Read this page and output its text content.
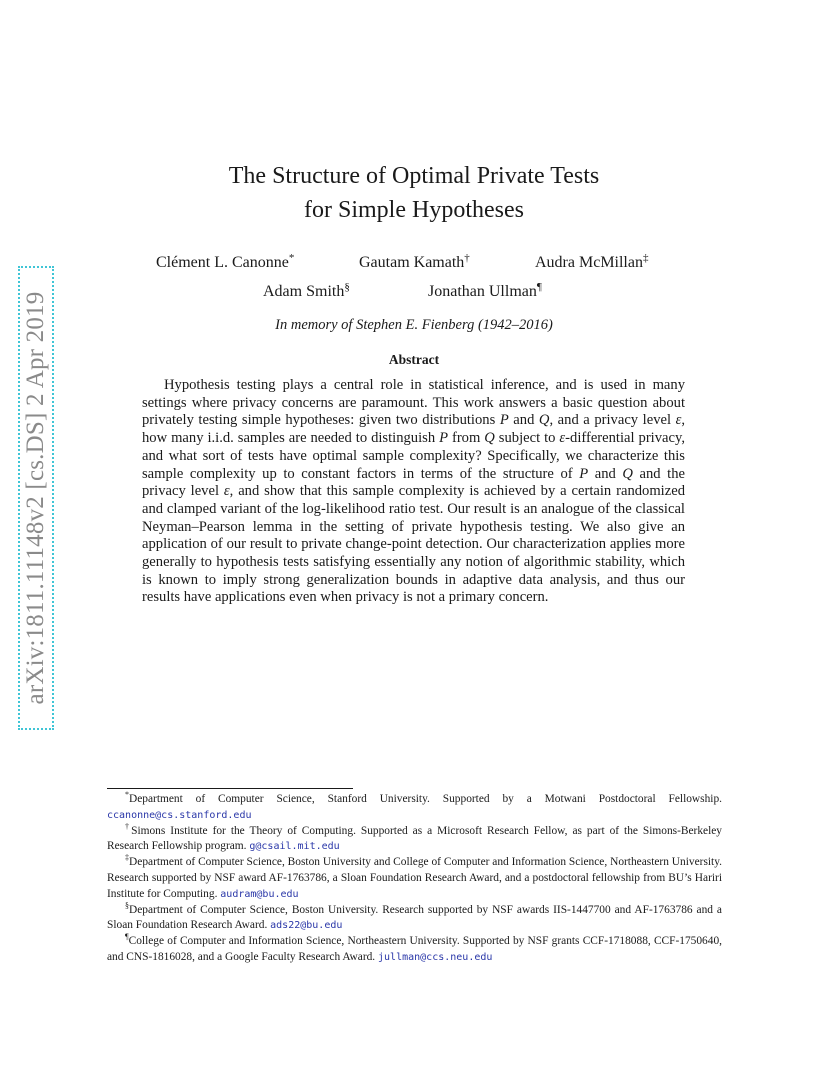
arXiv:1811.11148v2 [cs.DS] 2 Apr 2019
The Structure of Optimal Private Tests
for Simple Hypotheses
Clément L. Canonne*	Gautam Kamath†	Audra McMillan‡
Adam Smith§	Jonathan Ullman¶
In memory of Stephen E. Fienberg (1942–2016)
Abstract
Hypothesis testing plays a central role in statistical inference, and is used in many settings where privacy concerns are paramount. This work answers a basic question about privately testing simple hypotheses: given two distributions P and Q, and a privacy level ε, how many i.i.d. samples are needed to distinguish P from Q subject to ε-differential privacy, and what sort of tests have optimal sample complexity? Specifically, we characterize this sample complexity up to constant factors in terms of the structure of P and Q and the privacy level ε, and show that this sample complexity is achieved by a certain randomized and clamped variant of the log-likelihood ratio test. Our result is an analogue of the classical Neyman–Pearson lemma in the setting of private hypothesis testing. We also give an application of our result to private change-point detection. Our characterization applies more generally to hypothesis tests satisfying essentially any notion of algorithmic stability, which is known to imply strong generalization bounds in adaptive data analysis, and thus our results have applications even when privacy is not a primary concern.

*Department of Computer Science, Stanford University. Supported by a Motwani Postdoctoral Fellowship. ccanonne@cs.stanford.edu

†Simons Institute for the Theory of Computing. Supported as a Microsoft Research Fellow, as part of the Simons-Berkeley Research Fellowship program. g@csail.mit.edu

‡Department of Computer Science, Boston University and College of Computer and Information Science, Northeastern University. Research supported by NSF award AF-1763786, a Sloan Foundation Research Award, and a postdoctoral fellowship from BU’s Hariri Institute for Computing. audram@bu.edu

§Department of Computer Science, Boston University. Research supported by NSF awards IIS-1447700 and AF-1763786 and a Sloan Foundation Research Award. ads22@bu.edu

¶College of Computer and Information Science, Northeastern University. Supported by NSF grants CCF-1718088, CCF-1750640, and CNS-1816028, and a Google Faculty Research Award. jullman@ccs.neu.edu
